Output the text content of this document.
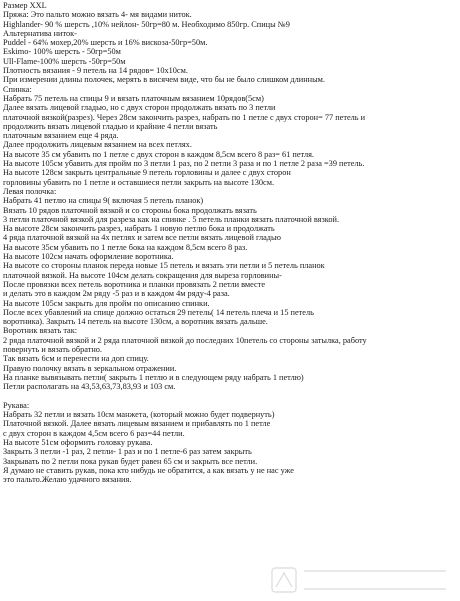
Размер XXL
Пряжа: Это пальто можно вязать 4- мя видами ниток.
Highlander- 90 % шерсть ,10% нейлон- 50гр=80 м. Необходимо 850гр. Спицы №9
Альтернатива ниток-
Puddel - 64% мохер,20% шерсть и 16% вискоза-50гр=50м.
Eskimo- 100% шерсть - 50гр=50м
Ull-Flame-100% шерсть -50гр=50м
Плотность вязания - 9 петель на 14 рядов= 10х10см.
При измерении длины полочек, мерять в висячем виде, что бы не было слишком длинным.
Спинка:
Набрать 75 петель на спицы 9 и вязать платочным вязанием 10рядов(5см)
Далее вязать лицевой гладью, но с двух сторон продолжать вязать по 3 петли
платочной вязкой(разрез). Через 28см закончить разрез, набрать по 1 петле с двух сторон= 77 петель и
продолжить вязать лицевой гладью и крайние 4 петли вязать
платочным вязанием еще 4 ряда.
Далее продолжить лицевым вязанием на всех петлях.
На высоте 35 см убавить по 1 петле с двух сторон в каждом 8,5см всего 8 раз= 61 петля.
На высоте 105см убавить для пройм по 3 петли 1 раз, по 2 петли 3 раза и по 1 петле 2 раза =39 петель.
На высоте 128см закрыть центральные 9 петель горловины и далее с двух сторон
горловины убавить по 1 петле и оставшиеся петли закрыть на высоте 130см.
Левая полочка:
Набрать 41 петлю на спицы 9( включая 5 петель планок)
Вязать 10 рядов платочной вязкой и со стороны бока продолжать вязать
3 петли платочной вязкой для разреза как на спинке . 5 петель планки вязать платочной вязкой.
На высоте 28см закончить разрез, набрать 1 новую петлю бока и продолжать
4 ряда платочной вязкой на 4х петлях и затем все петли вязать лицевой гладью
На высоте 35см убавить по 1 петле бока на каждом 8,5см всего 8 раз.
На высоте 102см начать оформление воротника.
На высоте со стороны планок переда новые 15 петель и вязать эти петли и 5 петель планок
платочной вязкой. На высоте 104см делать сокращения для выреза горловины-
После провязки всех петель воротника и планки провязать 2 петли вместе
и делать это в каждом 2м ряду -5 раз и в каждом 4м ряду-4 раза.
На высоте 105см закрыть для пройм по описанию спинки.
После всех убавлений на спице должно остаться 29 петель( 14 петель плеча и 15 петель
воротника). Закрыть 14 петель на высоте 130см, а воротник вязать дальше.
Воротник вязать так:
2 ряда платочной вязкой и 2 ряда платочной вязкой до последних 10петель со стороны затылка, работу
повернуть и вязать обратно.
Так вязать 6см и перенести на доп спицу.
Правую полочку вязать в зеркальном отражении.
На планке вывязывать петли( закрыть 1 петлю и в следующем ряду набрать 1 петлю)
Петли располагать на 43,53,63,73,83,93 и 103 см.

Рукава:
Набрать 32 петли и вязать 10см манжета, (который можно будет подвернуть)
Платочной вязкой. Далее вязать лицевым вязанием и прибавлять по 1 петле
с двух сторон в каждом 4,5см всего 6 раз=44 петли.
На высоте 51см оформить головку рукава.
Закрыть 3 петли -1 раз, 2 петли- 1 раз и по 1 петле-6 раз затем закрыть
Закрывать по 2 петли пока рукав будет равен 65 см и закрыть все петли.
Я думаю не ставить рукав, пока кто нибудь не обратится, а как вязать у не нас уже
это пальто.Желаю удачного вязания.
